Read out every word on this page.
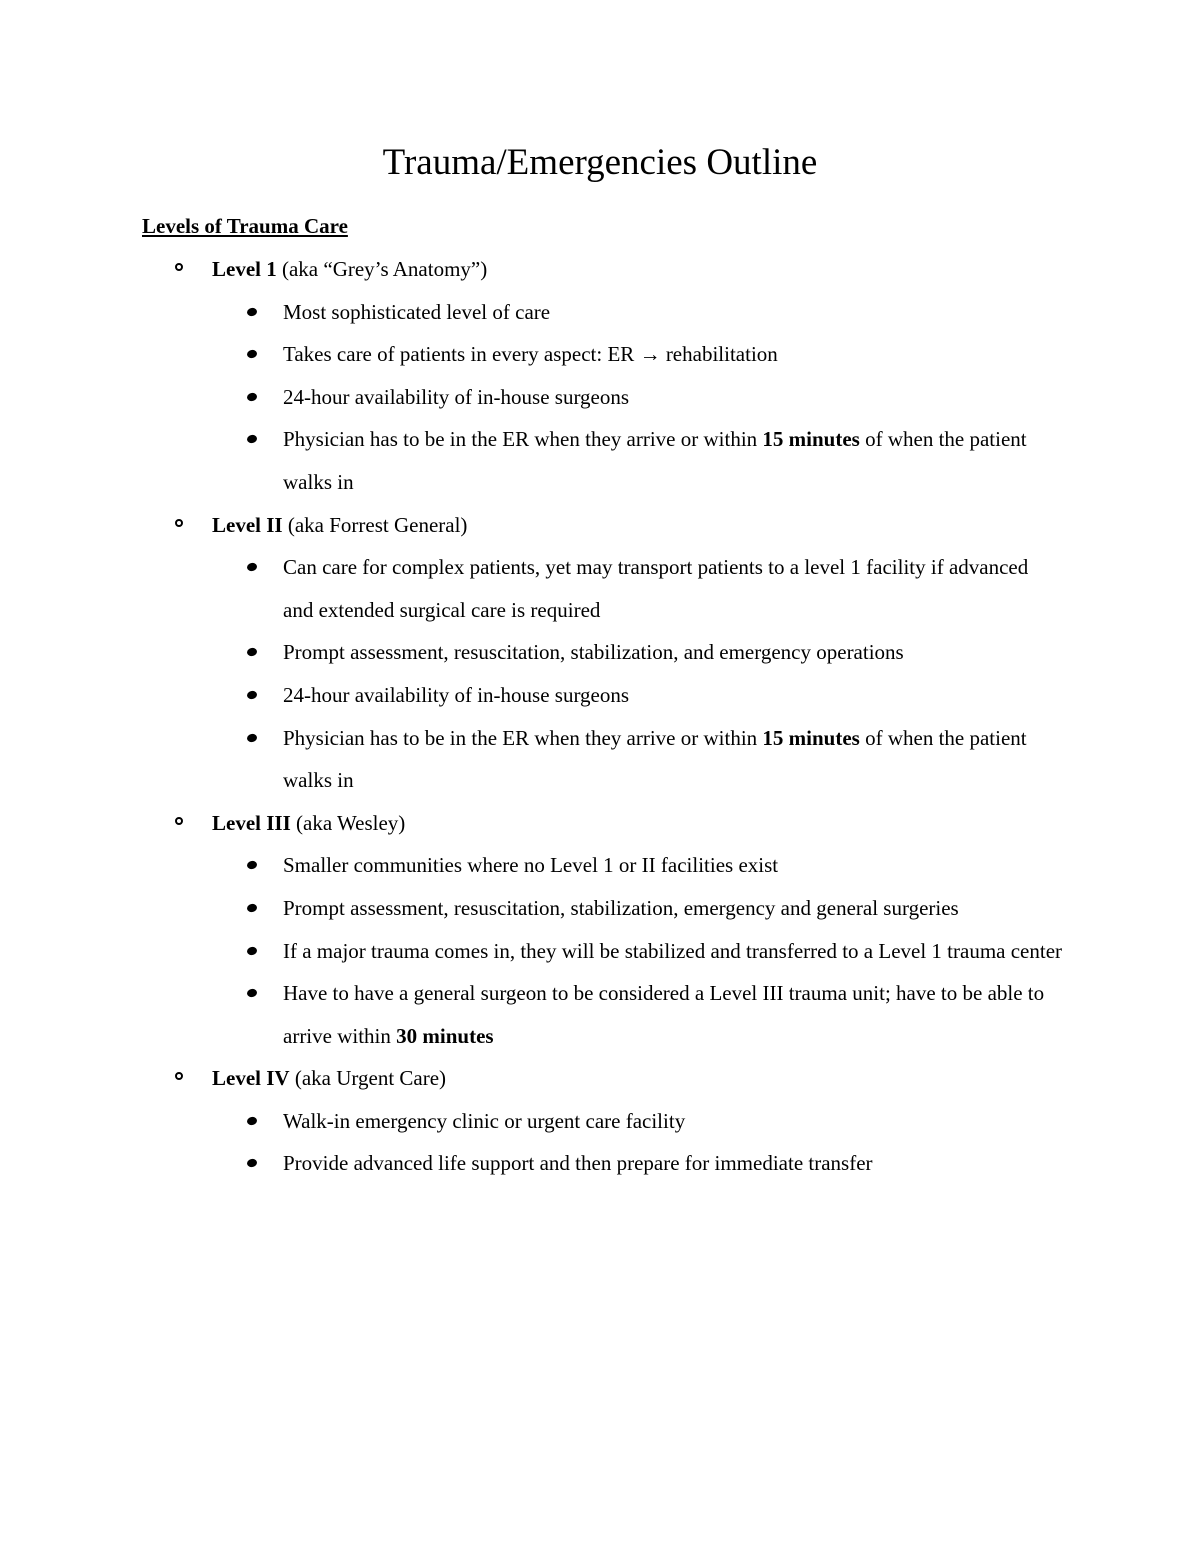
Trauma/Emergencies Outline
Levels of Trauma Care
Level 1 (aka “Grey’s Anatomy”)
Most sophisticated level of care
Takes care of patients in every aspect: ER → rehabilitation
24-hour availability of in-house surgeons
Physician has to be in the ER when they arrive or within 15 minutes of when the patient walks in
Level II (aka Forrest General)
Can care for complex patients, yet may transport patients to a level 1 facility if advanced and extended surgical care is required
Prompt assessment, resuscitation, stabilization, and emergency operations
24-hour availability of in-house surgeons
Physician has to be in the ER when they arrive or within 15 minutes of when the patient walks in
Level III (aka Wesley)
Smaller communities where no Level 1 or II facilities exist
Prompt assessment, resuscitation, stabilization, emergency and general surgeries
If a major trauma comes in, they will be stabilized and transferred to a Level 1 trauma center
Have to have a general surgeon to be considered a Level III trauma unit; have to be able to arrive within 30 minutes
Level IV (aka Urgent Care)
Walk-in emergency clinic or urgent care facility
Provide advanced life support and then prepare for immediate transfer
